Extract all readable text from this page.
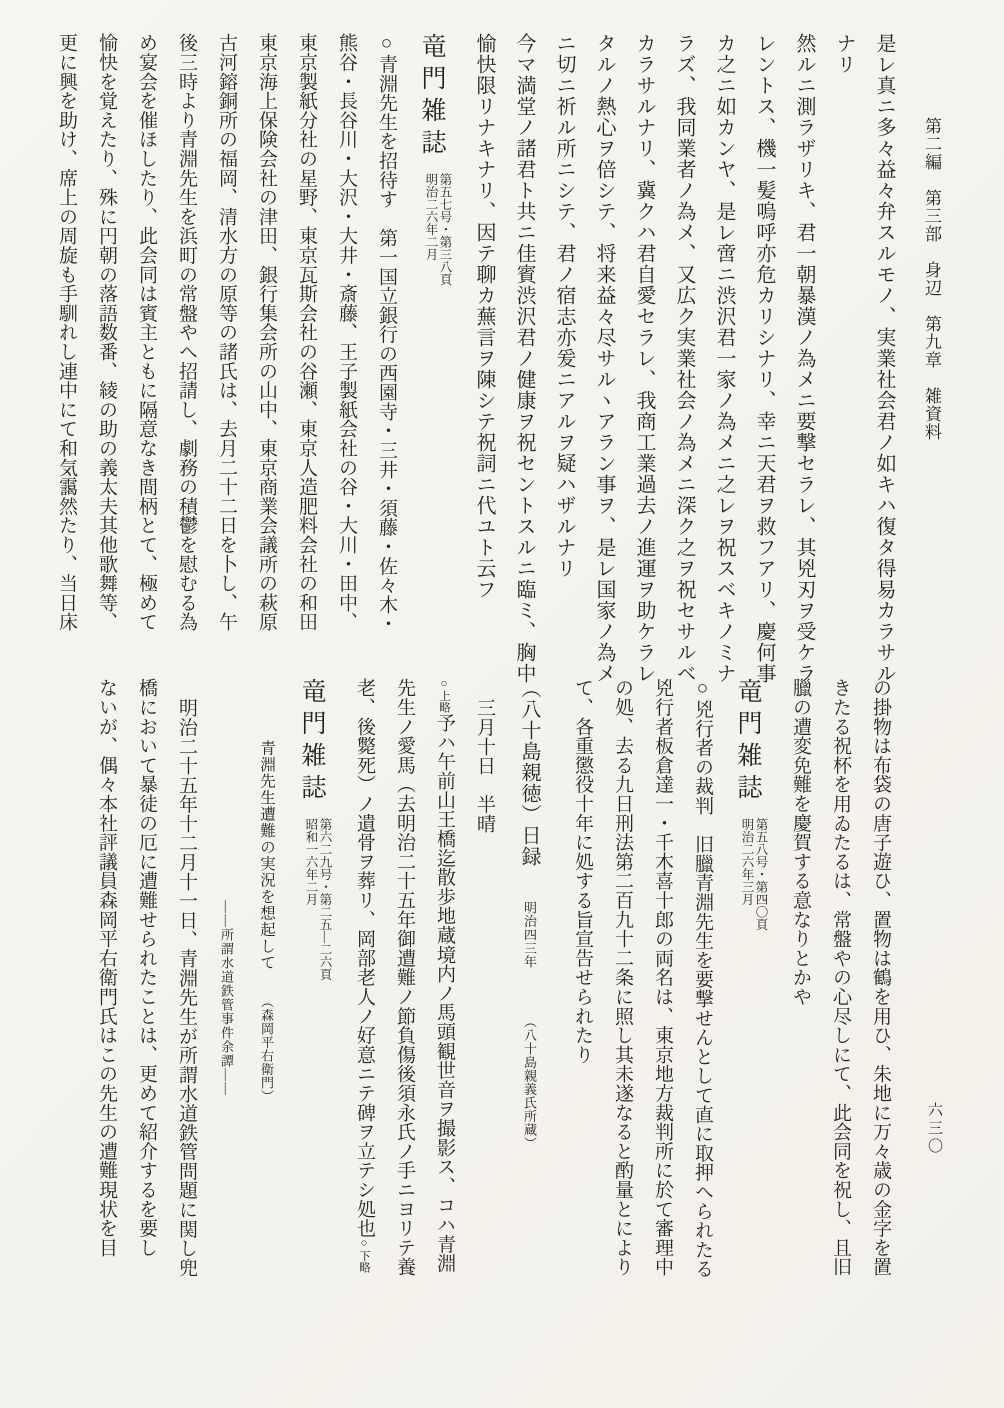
第二編　第三部　身辺　第九章　雑資料
是レ真ニ多々益々弁スルモノ、実業社会君ノ如キハ復タ得易カラサル
ナリ
然ルニ測ラザリキ、君一朝暴漢ノ為メニ要撃セラレ、其兇刃ヲ受ケラ
レントス、機一髪嗚呼亦危カリシナリ、幸ニ天君ヲ救フアリ、慶何事
カ之ニ如カンヤ、是レ啻ニ渋沢君一家ノ為メニ之レヲ祝スベキノミナ
ラズ、我同業者ノ為メ、又広ク実業社会ノ為メニ深ク之ヲ祝セサルベ
カラサルナリ、冀クハ君自愛セラレ、我商工業過去ノ進運ヲ助ケラレ
タルノ熱心ヲ倍シテ、将来益々尽サルヽアラン事ヲ、是レ国家ノ為メ
ニ切ニ祈ル所ニシテ、君ノ宿志亦爰ニアルヲ疑ハザルナリ
今マ満堂ノ諸君ト共ニ佳賓渋沢君ノ健康ヲ祝セントスルニ臨ミ、胸中
愉快限リナキナリ、因テ聊カ蕪言ヲ陳シテ祝詞ニ代ユト云フ
竜門雑誌
第五七号・第三八頁
明治二六年二月
○青淵先生を招待す　第一国立銀行の西園寺・三井・須藤・佐々木・
熊谷・長谷川・大沢・大井・斎藤、王子製紙会社の谷・大川・田中、
東京製紙分社の星野、東京瓦斯会社の谷瀬、東京人造肥料会社の和田
東京海上保険会社の津田、銀行集会所の山中、東京商業会議所の萩原
古河鎔銅所の福岡、清水方の原等の諸氏は、去月二十二日を卜し、午
後三時より青淵先生を浜町の常盤やへ招請し、劇務の積鬱を慰むる為
め宴会を催ほしたり、此会同は賓主ともに隔意なき間柄とて、極めて
愉快を覚えたり、殊に円朝の落語数番、綾の助の義太夫其他歌舞等、
更に興を助け、席上の周旋も手馴れし連中にて和気靄然たり、当日床
六三〇
の掛物は布袋の唐子遊ひ、置物は鶴を用ひ、朱地に万々歳の金字を置
きたる祝杯を用ゐたるは、常盤やの心尽しにて、此会同を祝し、且旧
臘の遭変免難を慶賀する意なりとかや
竜門雑誌
第五八号・第四〇頁
明治二六年三月
○兇行者の裁判　旧臘青淵先生を要撃せんとして直に取押へられたる
兇行者板倉達一・千木喜十郎の両名は、東京地方裁判所に於て審理中
の処、去る九日刑法第二百九十二条に照し其未遂なると酌量とにより
て、各重懲役十年に処する旨宣告せられたり
（八十島親徳）日録明治四三年（八十島親義氏所蔵）
三月十日　半晴
○上略予ハ午前山王橋迄散歩地蔵境内ノ馬頭観世音ヲ撮影ス、コハ青淵
先生ノ愛馬（去明治二十五年御遭難ノ節負傷後須永氏ノ手ニヨリテ養
老、後斃死）ノ遺骨ヲ葬リ、岡部老人ノ好意ニテ碑ヲ立テシ処也○下略
竜門雑誌
第六二九号・第二五―二六頁
昭和一六年二月
青淵先生遭難の実況を想起して（森岡平右衛門）
――所謂水道鉄管事件余譚――
明治二十五年十二月十一日、青淵先生が所謂水道鉄管問題に関し兜
橋において暴徒の厄に遭難せられたことは、更めて紹介するを要し
ないが、偶々本社評議員森岡平右衛門氏はこの先生の遭難現状を目
